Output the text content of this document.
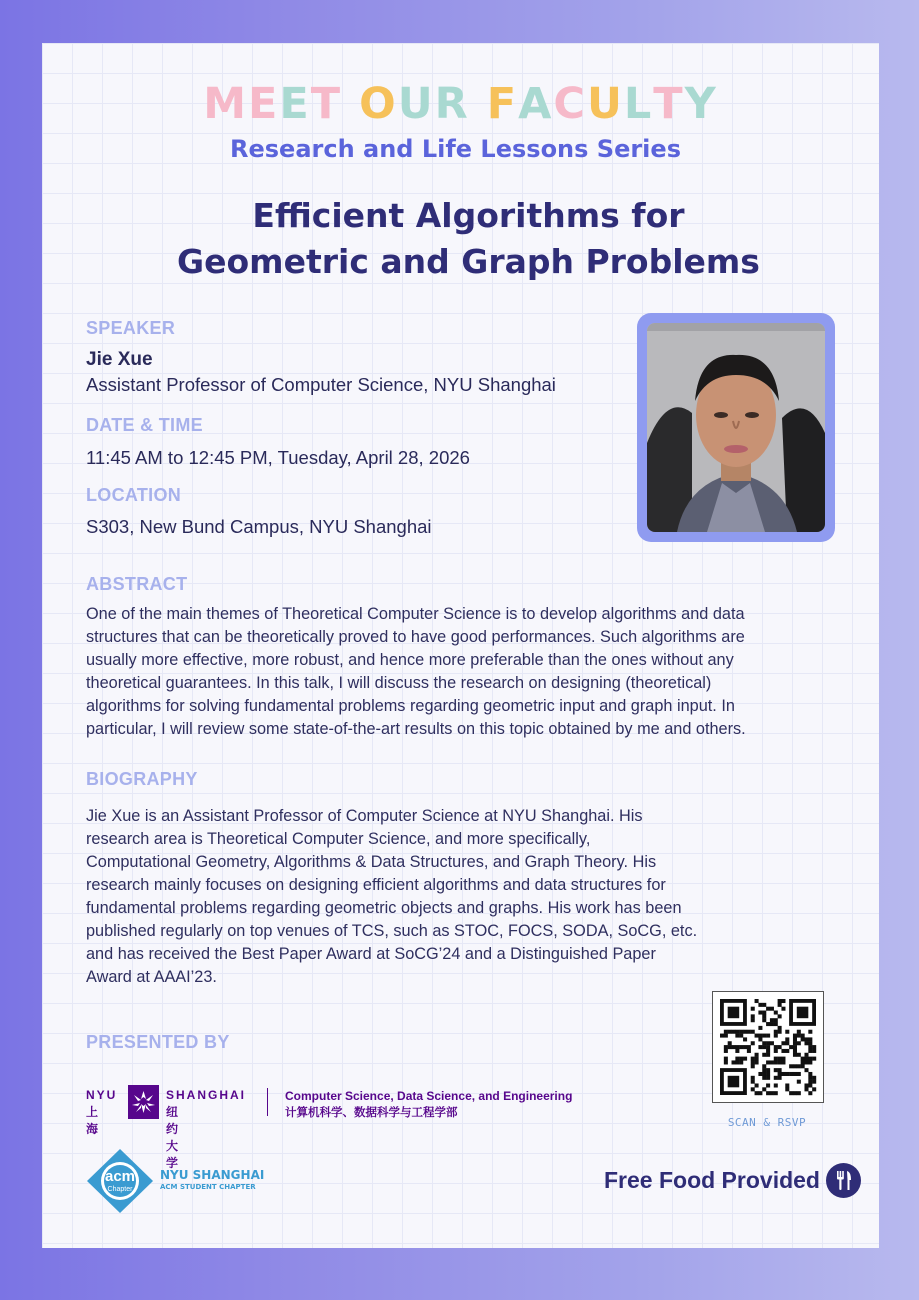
MEET OUR FACULTY
Research and Life Lessons Series
Efficient Algorithms for
Geometric and Graph Problems
SPEAKER
Jie Xue
Assistant Professor of Computer Science, NYU Shanghai
DATE & TIME
11:45 AM to 12:45 PM, Tuesday, April 28, 2026
LOCATION
S303, New Bund Campus, NYU Shanghai
ABSTRACT
One of the main themes of Theoretical Computer Science is to develop algorithms and data
structures that can be theoretically proved to have good performances. Such algorithms are
usually more effective, more robust, and hence more preferable than the ones without any
theoretical guarantees. In this talk, I will discuss the research on designing (theoretical)
algorithms for solving fundamental problems regarding geometric input and graph input. In
particular, I will review some state-of-the-art results on this topic obtained by me and others.
BIOGRAPHY
Jie Xue is an Assistant Professor of Computer Science at NYU Shanghai. His
research area is Theoretical Computer Science, and more specifically,
Computational Geometry, Algorithms & Data Structures, and Graph Theory. His
research mainly focuses on designing efficient algorithms and data structures for
fundamental problems regarding geometric objects and graphs. His work has been
published regularly on top venues of TCS, such as STOC, FOCS, SODA, SoCG, etc.
and has received the Best Paper Award at SoCG’24 and a Distinguished Paper
Award at AAAI’23.
PRESENTED BY
SCAN & RSVP
NYU
上海
SHANGHAI
纽 约 大 学
Computer Science, Data Science, and Engineering
计算机科学、数据科学与工程学部
acm
Chapter
NYU SHANGHAI
ACM STUDENT CHAPTER	Free Food Provided
